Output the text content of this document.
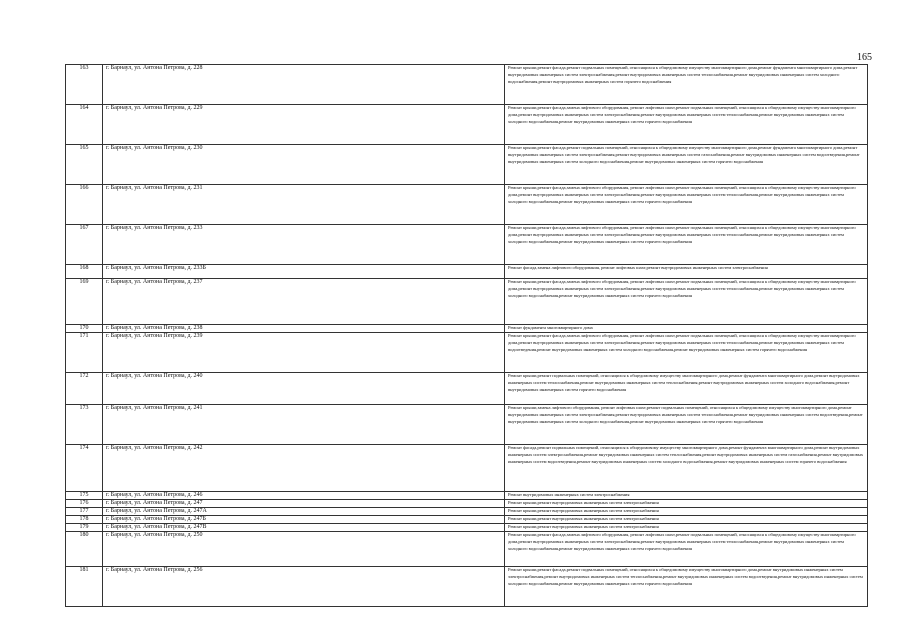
165
163	г. Барнаул, ул. Антона Петрова, д. 228	Ремонт крыши,ремонт фасада,ремонт подвальных помещений, относящихся к общедомовому имуществу многоквартирного дома,ремонт фундамента многоквартирного дома,ремонт внутридомовых инженерных систем электроснабжения,ремонт внутридомовых инженерных систем теплоснабжения,ремонт внутридомовых инженерных систем холодного водоснабжения,ремонт внутридомовых инженерных систем горячего водоснабжения
164	г. Барнаул, ул. Антона Петрова, д. 229	Ремонт крыши,ремонт фасада,замена лифтового оборудования, ремонт лифтовых шахт,ремонт подвальных помещений, относящихся к общедомовому имуществу многоквартирного дома,ремонт внутридомовых инженерных систем электроснабжения,ремонт внутридомовых инженерных систем теплоснабжения,ремонт внутридомовых инженерных систем холодного водоснабжения,ремонт внутридомовых инженерных систем горячего водоснабжения
165	г. Барнаул, ул. Антона Петрова, д. 230	Ремонт крыши,ремонт фасада,ремонт подвальных помещений, относящихся к общедомовому имуществу многоквартирного дома,ремонт фундамента многоквартирного дома,ремонт внутридомовых инженерных систем электроснабжения,ремонт внутридомовых инженерных систем газоснабжения,ремонт внутридомовых инженерных систем водоотведения,ремонт внутридомовых инженерных систем холодного водоснабжения,ремонт внутридомовых инженерных систем горячего водоснабжения
166	г. Барнаул, ул. Антона Петрова, д. 231	Ремонт крыши,ремонт фасада,замена лифтового оборудования, ремонт лифтовых шахт,ремонт подвальных помещений, относящихся к общедомовому имуществу многоквартирного дома,ремонт внутридомовых инженерных систем электроснабжения,ремонт внутридомовых инженерных систем теплоснабжения,ремонт внутридомовых инженерных систем холодного водоснабжения,ремонт внутридомовых инженерных систем горячего водоснабжения
167	г. Барнаул, ул. Антона Петрова, д. 233	Ремонт крыши,ремонт фасада,замена лифтового оборудования, ремонт лифтовых шахт,ремонт подвальных помещений, относящихся к общедомовому имуществу многоквартирного дома,ремонт внутридомовых инженерных систем электроснабжения,ремонт внутридомовых инженерных систем теплоснабжения,ремонт внутридомовых инженерных систем холодного водоснабжения,ремонт внутридомовых инженерных систем горячего водоснабжения
168	г. Барнаул, ул. Антона Петрова, д. 233Б	Ремонт фасада,замена лифтового оборудования, ремонт лифтовых шахт,ремонт внутридомовых инженерных систем электроснабжения
169	г. Барнаул, ул. Антона Петрова, д. 237	Ремонт крыши,ремонт фасада,замена лифтового оборудования, ремонт лифтовых шахт,ремонт подвальных помещений, относящихся к общедомовому имуществу многоквартирного дома,ремонт внутридомовых инженерных систем электроснабжения,ремонт внутридомовых инженерных систем теплоснабжения,ремонт внутридомовых инженерных систем холодного водоснабжения,ремонт внутридомовых инженерных систем горячего водоснабжения
170	г. Барнаул, ул. Антона Петрова, д. 238	Ремонт фундамента многоквартирного дома
171	г. Барнаул, ул. Антона Петрова, д. 239	Ремонт крыши,ремонт фасада,замена лифтового оборудования, ремонт лифтовых шахт,ремонт подвальных помещений, относящихся к общедомовому имуществу многоквартирного дома,ремонт внутридомовых инженерных систем электроснабжения,ремонт внутридомовых инженерных систем теплоснабжения,ремонт внутридомовых инженерных систем водоотведения,ремонт внутридомовых инженерных систем холодного водоснабжения,ремонт внутридомовых инженерных систем горячего водоснабжения
172	г. Барнаул, ул. Антона Петрова, д. 240	Ремонт крыши,ремонт подвальных помещений, относящихся к общедомовому имуществу многоквартирного дома,ремонт фундамента многоквартирного дома,ремонт внутридомовых инженерных систем теплоснабжения,ремонт внутридомовых инженерных систем теплоснабжения,ремонт внутридомовых инженерных систем холодного водоснабжения,ремонт внутридомовых инженерных систем горячего водоснабжения
173	г. Барнаул, ул. Антона Петрова, д. 241	Ремонт крыши,замена лифтового оборудования, ремонт лифтовых шахт,ремонт подвальных помещений, относящихся к общедомовому имуществу многоквартирного дома,ремонт внутридомовых инженерных систем электроснабжения,ремонт внутридомовых инженерных систем теплоснабжения,ремонт внутридомовых инженерных систем водоотведения,ремонт внутридомовых инженерных систем холодного водоснабжения,ремонт внутридомовых инженерных систем горячего водоснабжения
174	г. Барнаул, ул. Антона Петрова, д. 242	Ремонт фасада,ремонт подвальных помещений, относящихся к общедомовому имуществу многоквартирного дома,ремонт фундамента многоквартирного дома,ремонт внутридомовых инженерных систем электроснабжения,ремонт внутридомовых инженерных систем теплоснабжения,ремонт внутридомовых инженерных систем газоснабжения,ремонт внутридомовых инженерных систем водоотведения,ремонт внутридомовых инженерных систем холодного водоснабжения,ремонт внутридомовых инженерных систем горячего водоснабжения
175	г. Барнаул, ул. Антона Петрова, д. 246	Ремонт внутридомовых инженерных систем электроснабжения
176	г. Барнаул, ул. Антона Петрова, д. 247	Ремонт крыши,ремонт внутридомовых инженерных систем электроснабжения
177	г. Барнаул, ул. Антона Петрова, д. 247А	Ремонт крыши,ремонт внутридомовых инженерных систем электроснабжения
178	г. Барнаул, ул. Антона Петрова, д. 247Б	Ремонт крыши,ремонт внутридомовых инженерных систем электроснабжения
179	г. Барнаул, ул. Антона Петрова, д. 247В	Ремонт крыши,ремонт внутридомовых инженерных систем электроснабжения
180	г. Барнаул, ул. Антона Петрова, д. 250	Ремонт крыши,ремонт фасада,замена лифтового оборудования, ремонт лифтовых шахт,ремонт подвальных помещений, относящихся к общедомовому имуществу многоквартирного дома,ремонт внутридомовых инженерных систем электроснабжения,ремонт внутридомовых инженерных систем теплоснабжения,ремонт внутридомовых инженерных систем холодного водоснабжения,ремонт внутридомовых инженерных систем горячего водоснабжения
181	г. Барнаул, ул. Антона Петрова, д. 256	Ремонт крыши,ремонт фасада,ремонт подвальных помещений, относящихся к общедомовому имуществу многоквартирного дома,ремонт внутридомовых инженерных систем электроснабжения,ремонт внутридомовых инженерных систем теплоснабжения,ремонт внутридомовых инженерных систем водоотведения,ремонт внутридомовых инженерных систем холодного водоснабжения,ремонт внутридомовых инженерных систем горячего водоснабжения
